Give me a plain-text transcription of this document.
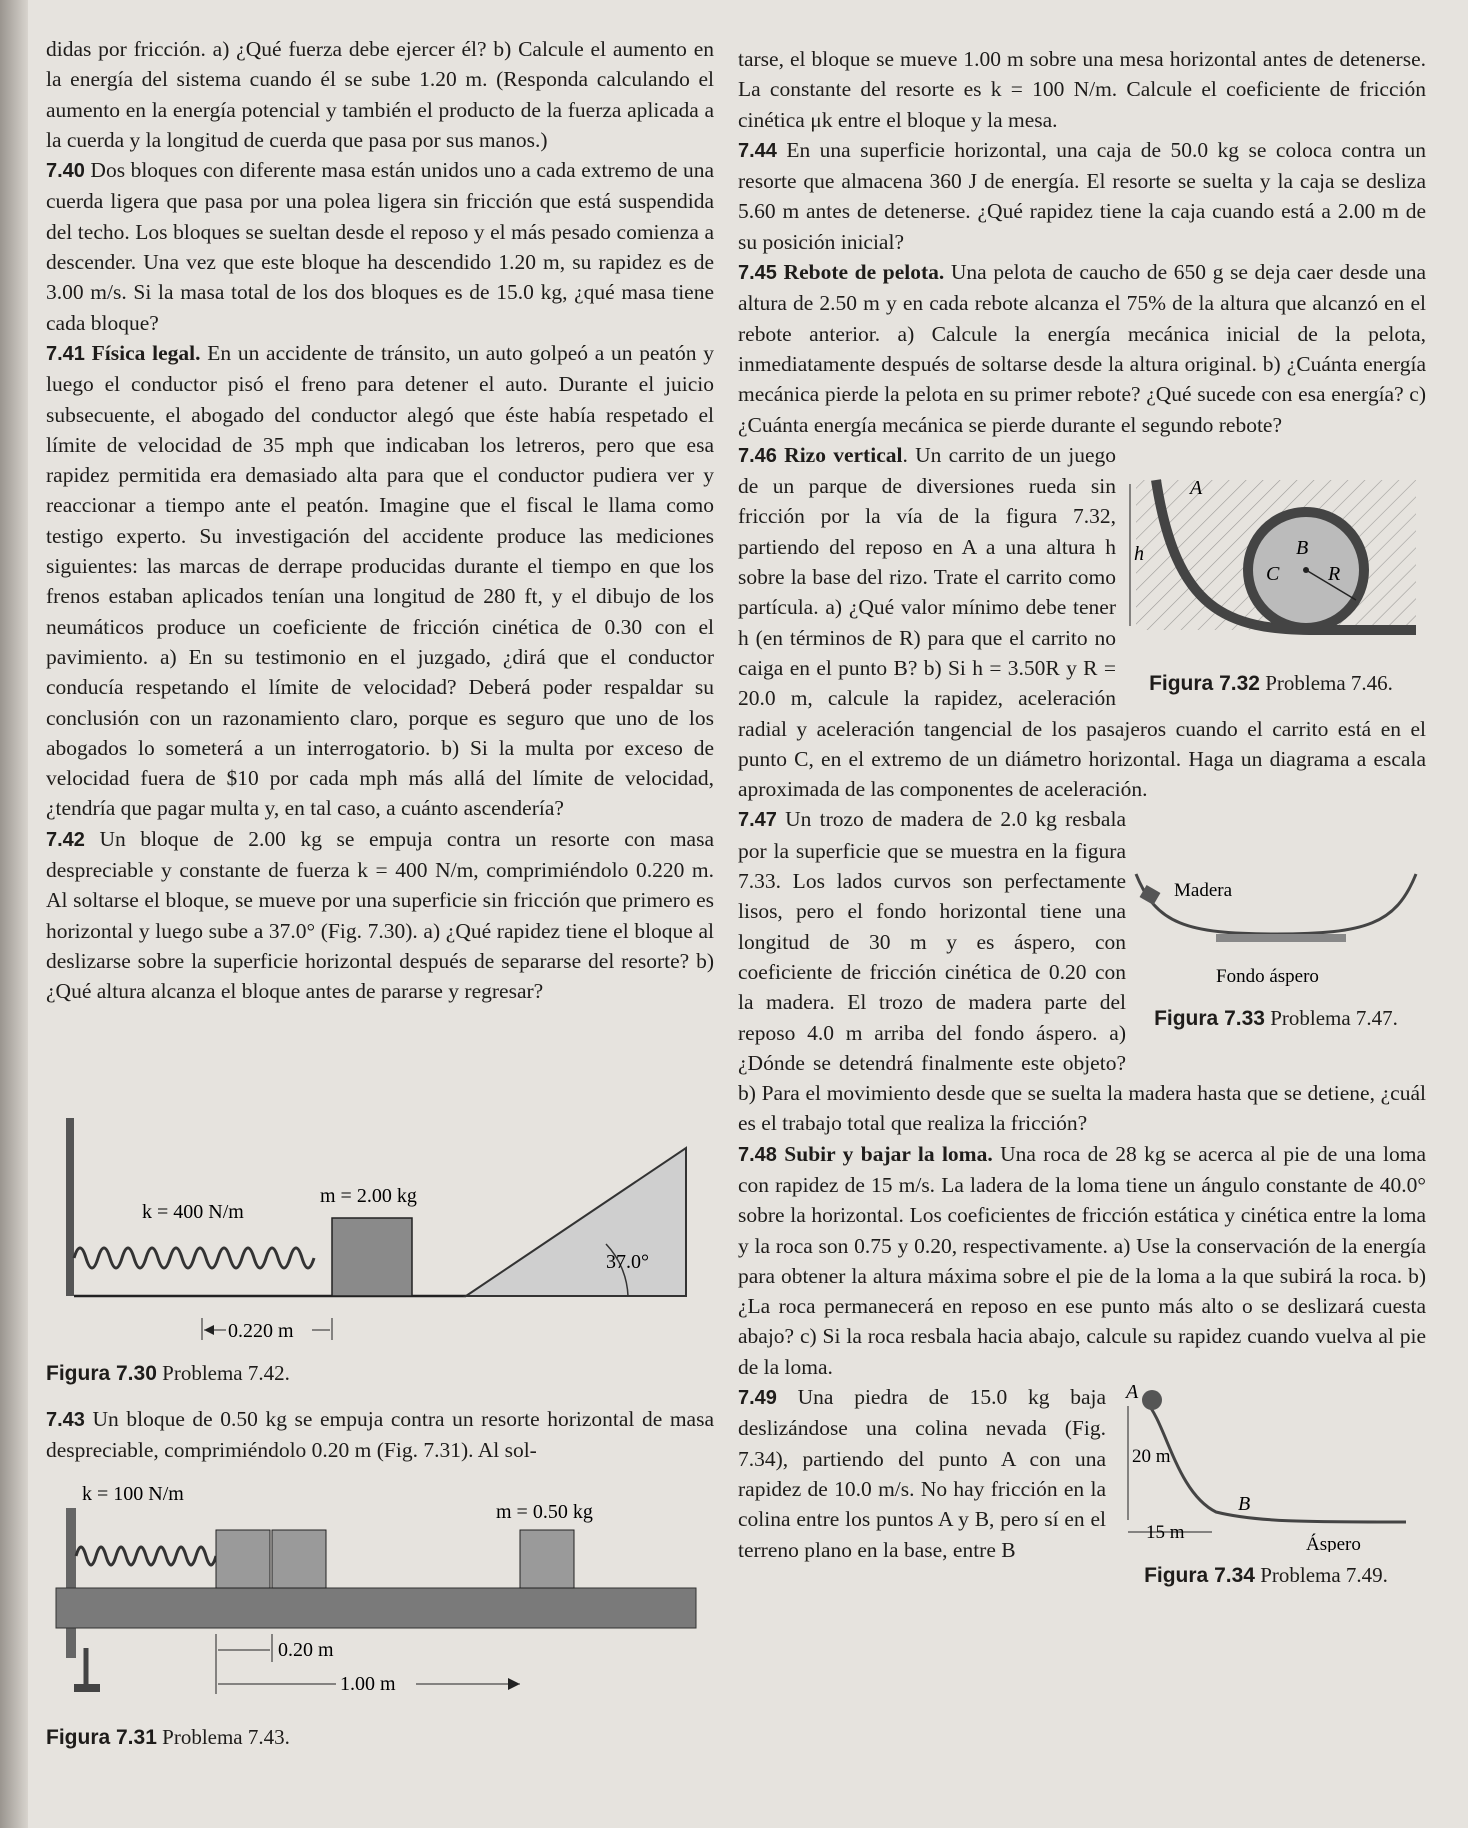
didas por fricción. a) ¿Qué fuerza debe ejercer él? b) Calcule el aumento en la energía del sistema cuando él se sube 1.20 m. (Responda calculando el aumento en la energía potencial y también el producto de la fuerza aplicada a la cuerda y la longitud de cuerda que pasa por sus manos.)

7.40 Dos bloques con diferente masa están unidos uno a cada extremo de una cuerda ligera que pasa por una polea ligera sin fricción que está suspendida del techo. Los bloques se sueltan desde el reposo y el más pesado comienza a descender. Una vez que este bloque ha descendido 1.20 m, su rapidez es de 3.00 m/s. Si la masa total de los dos bloques es de 15.0 kg, ¿qué masa tiene cada bloque?

7.41 Física legal. En un accidente de tránsito, un auto golpeó a un peatón y luego el conductor pisó el freno para detener el auto. Durante el juicio subsecuente, el abogado del conductor alegó que éste había respetado el límite de velocidad de 35 mph que indicaban los letreros, pero que esa rapidez permitida era demasiado alta para que el conductor pudiera ver y reaccionar a tiempo ante el peatón. Imagine que el fiscal le llama como testigo experto. Su investigación del accidente produce las mediciones siguientes: las marcas de derrape producidas durante el tiempo en que los frenos estaban aplicados tenían una longitud de 280 ft, y el dibujo de los neumáticos produce un coeficiente de fricción cinética de 0.30 con el pavimiento. a) En su testimonio en el juzgado, ¿dirá que el conductor conducía respetando el límite de velocidad? Deberá poder respaldar su conclusión con un razonamiento claro, porque es seguro que uno de los abogados lo someterá a un interrogatorio. b) Si la multa por exceso de velocidad fuera de $10 por cada mph más allá del límite de velocidad, ¿tendría que pagar multa y, en tal caso, a cuánto ascendería?

7.42 Un bloque de 2.00 kg se empuja contra un resorte con masa despreciable y constante de fuerza k = 400 N/m, comprimiéndolo 0.220 m. Al soltarse el bloque, se mueve por una superficie sin fricción que primero es horizontal y luego sube a 37.0° (Fig. 7.30). a) ¿Qué rapidez tiene el bloque al deslizarse sobre la superficie horizontal después de separarse del resorte? b) ¿Qué altura alcanza el bloque antes de pararse y regresar?

k = 400 N/m
m = 2.00 kg
37.0°
0.220 m
Figura 7.30 Problema 7.42.

7.43 Un bloque de 0.50 kg se empuja contra un resorte horizontal de masa despreciable, comprimiéndolo 0.20 m (Fig. 7.31). Al sol-

k = 100 N/m
m = 0.50 kg
0.20 m
1.00 m
Figura 7.31 Problema 7.43.

tarse, el bloque se mueve 1.00 m sobre una mesa horizontal antes de detenerse. La constante del resorte es k = 100 N/m. Calcule el coeficiente de fricción cinética μk entre el bloque y la mesa.

7.44 En una superficie horizontal, una caja de 50.0 kg se coloca contra un resorte que almacena 360 J de energía. El resorte se suelta y la caja se desliza 5.60 m antes de detenerse. ¿Qué rapidez tiene la caja cuando está a 2.00 m de su posición inicial?

7.45 Rebote de pelota. Una pelota de caucho de 650 g se deja caer desde una altura de 2.50 m y en cada rebote alcanza el 75% de la altura que alcanzó en el rebote anterior. a) Calcule la energía mecánica inicial de la pelota, inmediatamente después de soltarse desde la altura original. b) ¿Cuánta energía mecánica pierde la pelota en su primer rebote? ¿Qué sucede con esa energía? c) ¿Cuánta energía mecánica se pierde durante el segundo rebote?

A
B
C R
h
Figura 7.32 Problema 7.46.

7.46 Rizo vertical. Un carrito de un juego de un parque de diversiones rueda sin fricción por la vía de la figura 7.32, partiendo del reposo en A a una altura h sobre la base del rizo. Trate el carrito como partícula. a) ¿Qué valor mínimo debe tener h (en términos de R) para que el carrito no caiga en el punto B? b) Si h = 3.50R y R = 20.0 m, calcule la rapidez, aceleración radial y aceleración tangencial de los pasajeros cuando el carrito está en el punto C, en el extremo de un diámetro horizontal. Haga un diagrama a escala aproximada de las componentes de aceleración.

Madera
Fondo áspero
Figura 7.33 Problema 7.47.

7.47 Un trozo de madera de 2.0 kg resbala por la superficie que se muestra en la figura 7.33. Los lados curvos son perfectamente lisos, pero el fondo horizontal tiene una longitud de 30 m y es áspero, con coeficiente de fricción cinética de 0.20 con la madera. El trozo de madera parte del reposo 4.0 m arriba del fondo áspero. a) ¿Dónde se detendrá finalmente este objeto? b) Para el movimiento desde que se suelta la madera hasta que se detiene, ¿cuál es el trabajo total que realiza la fricción?

7.48 Subir y bajar la loma. Una roca de 28 kg se acerca al pie de una loma con rapidez de 15 m/s. La ladera de la loma tiene un ángulo constante de 40.0° sobre la horizontal. Los coeficientes de fricción estática y cinética entre la loma y la roca son 0.75 y 0.20, respectivamente. a) Use la conservación de la energía para obtener la altura máxima sobre el pie de la loma a la que subirá la roca. b) ¿La roca permanecerá en reposo en ese punto más alto o se deslizará cuesta abajo? c) Si la roca resbala hacia abajo, calcule su rapidez cuando vuelva al pie de la loma.

A
B
20 m
15 m
Áspero
Figura 7.34 Problema 7.49.

7.49 Una piedra de 15.0 kg baja deslizándose una colina nevada (Fig. 7.34), partiendo del punto A con una rapidez de 10.0 m/s. No hay fricción en la colina entre los puntos A y B, pero sí en el terreno plano en la base, entre B
